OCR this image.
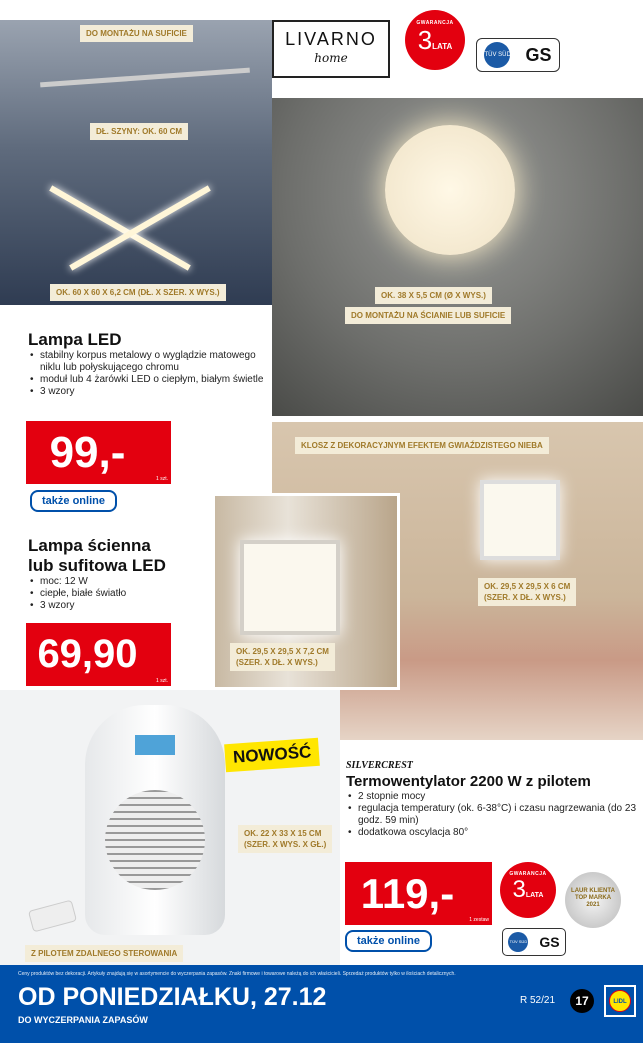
DO MONTAŻU NA SUFICIE
DŁ. SZYNY: OK. 60 CM
OK. 60 X 60 X 6,2 CM (DŁ. X SZER. X WYS.)
LIVARNO
home
GWARANCJA
3LATA
TÜV SÜD GS
OK. 38 X 5,5 CM (Ø X WYS.)
DO MONTAŻU NA ŚCIANIE LUB SUFICIE
Lampa LED
• stabilny korpus metalowy o wyglądzie matowego niklu lub połyskującego chromu
• moduł lub 4 żarówki LED o ciepłym, białym świetle
• 3 wzory
99,-
1 szt.
także online
KLOSZ Z DEKORACYJNYM EFEKTEM GWIAŹDZISTEGO NIEBA
OK. 29,5 X 29,5 X 6 CM
(SZER. X DŁ. X WYS.)
OK. 29,5 X 29,5 X 7,2 CM
(SZER. X DŁ. X WYS.)
Lampa ścienna
lub sufitowa LED
• moc: 12 W
• ciepłe, białe światło
• 3 wzory
69,90
1 szt.
OK. 22 X 33 X 15 CM
(SZER. X WYS. X GŁ.)
Z PILOTEM ZDALNEGO STEROWANIA
NOWOŚĆ	SILVERCREST
Termowentylator 2200 W z pilotem
• 2 stopnie mocy
• regulacja temperatury (ok. 6-38°C) i czasu nagrzewania (do 23 godz. 59 min)
• dodatkowa oscylacja 80°
119,-
1 zestaw
GWARANCJA
3LATA
LAUR KLIENTA TOP MARKA 2021
także online	TÜV SÜD GS
Ceny produktów bez dekoracji. Artykuły znajdują się w asortymencie do wyczerpania zapasów. Znaki firmowe i towarowe należą do ich właścicieli. Sprzedaż produktów tylko w ilościach detalicznych.
OD PONIEDZIAŁKU, 27.12
DO WYCZERPANIA ZAPASÓW
R 52/21	17	LIDL
